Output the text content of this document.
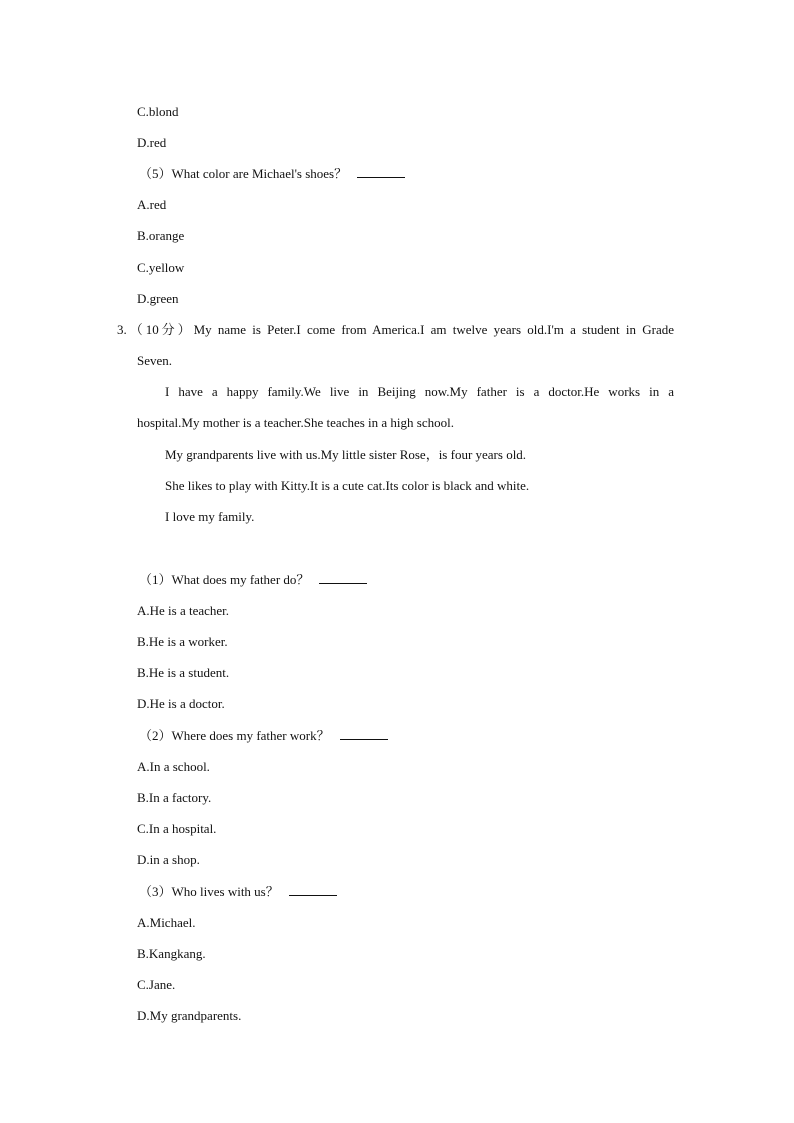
C.blond
D.red
（5）What color are Michael's shoes？
A.red
B.orange
C.yellow
D.green
3.（10分）My name is Peter.I come from America.I am twelve years old.I'm a student in Grade
Seven.
I have a happy family.We live in Beijing now.My father is a doctor.He works in a
hospital.My mother is a teacher.She teaches in a high school.
My grandparents live with us.My little sister Rose，is four years old.
She likes to play with Kitty.It is a cute cat.Its color is black and white.
I love my family.
（1）What does my father do？
A.He is a teacher.
B.He is a worker.
B.He is a student.
D.He is a doctor.
（2）Where does my father work？
A.In a school.
B.In a factory.
C.In a hospital.
D.in a shop.
（3）Who lives with us？
A.Michael.
B.Kangkang.
C.Jane.
D.My grandparents.
